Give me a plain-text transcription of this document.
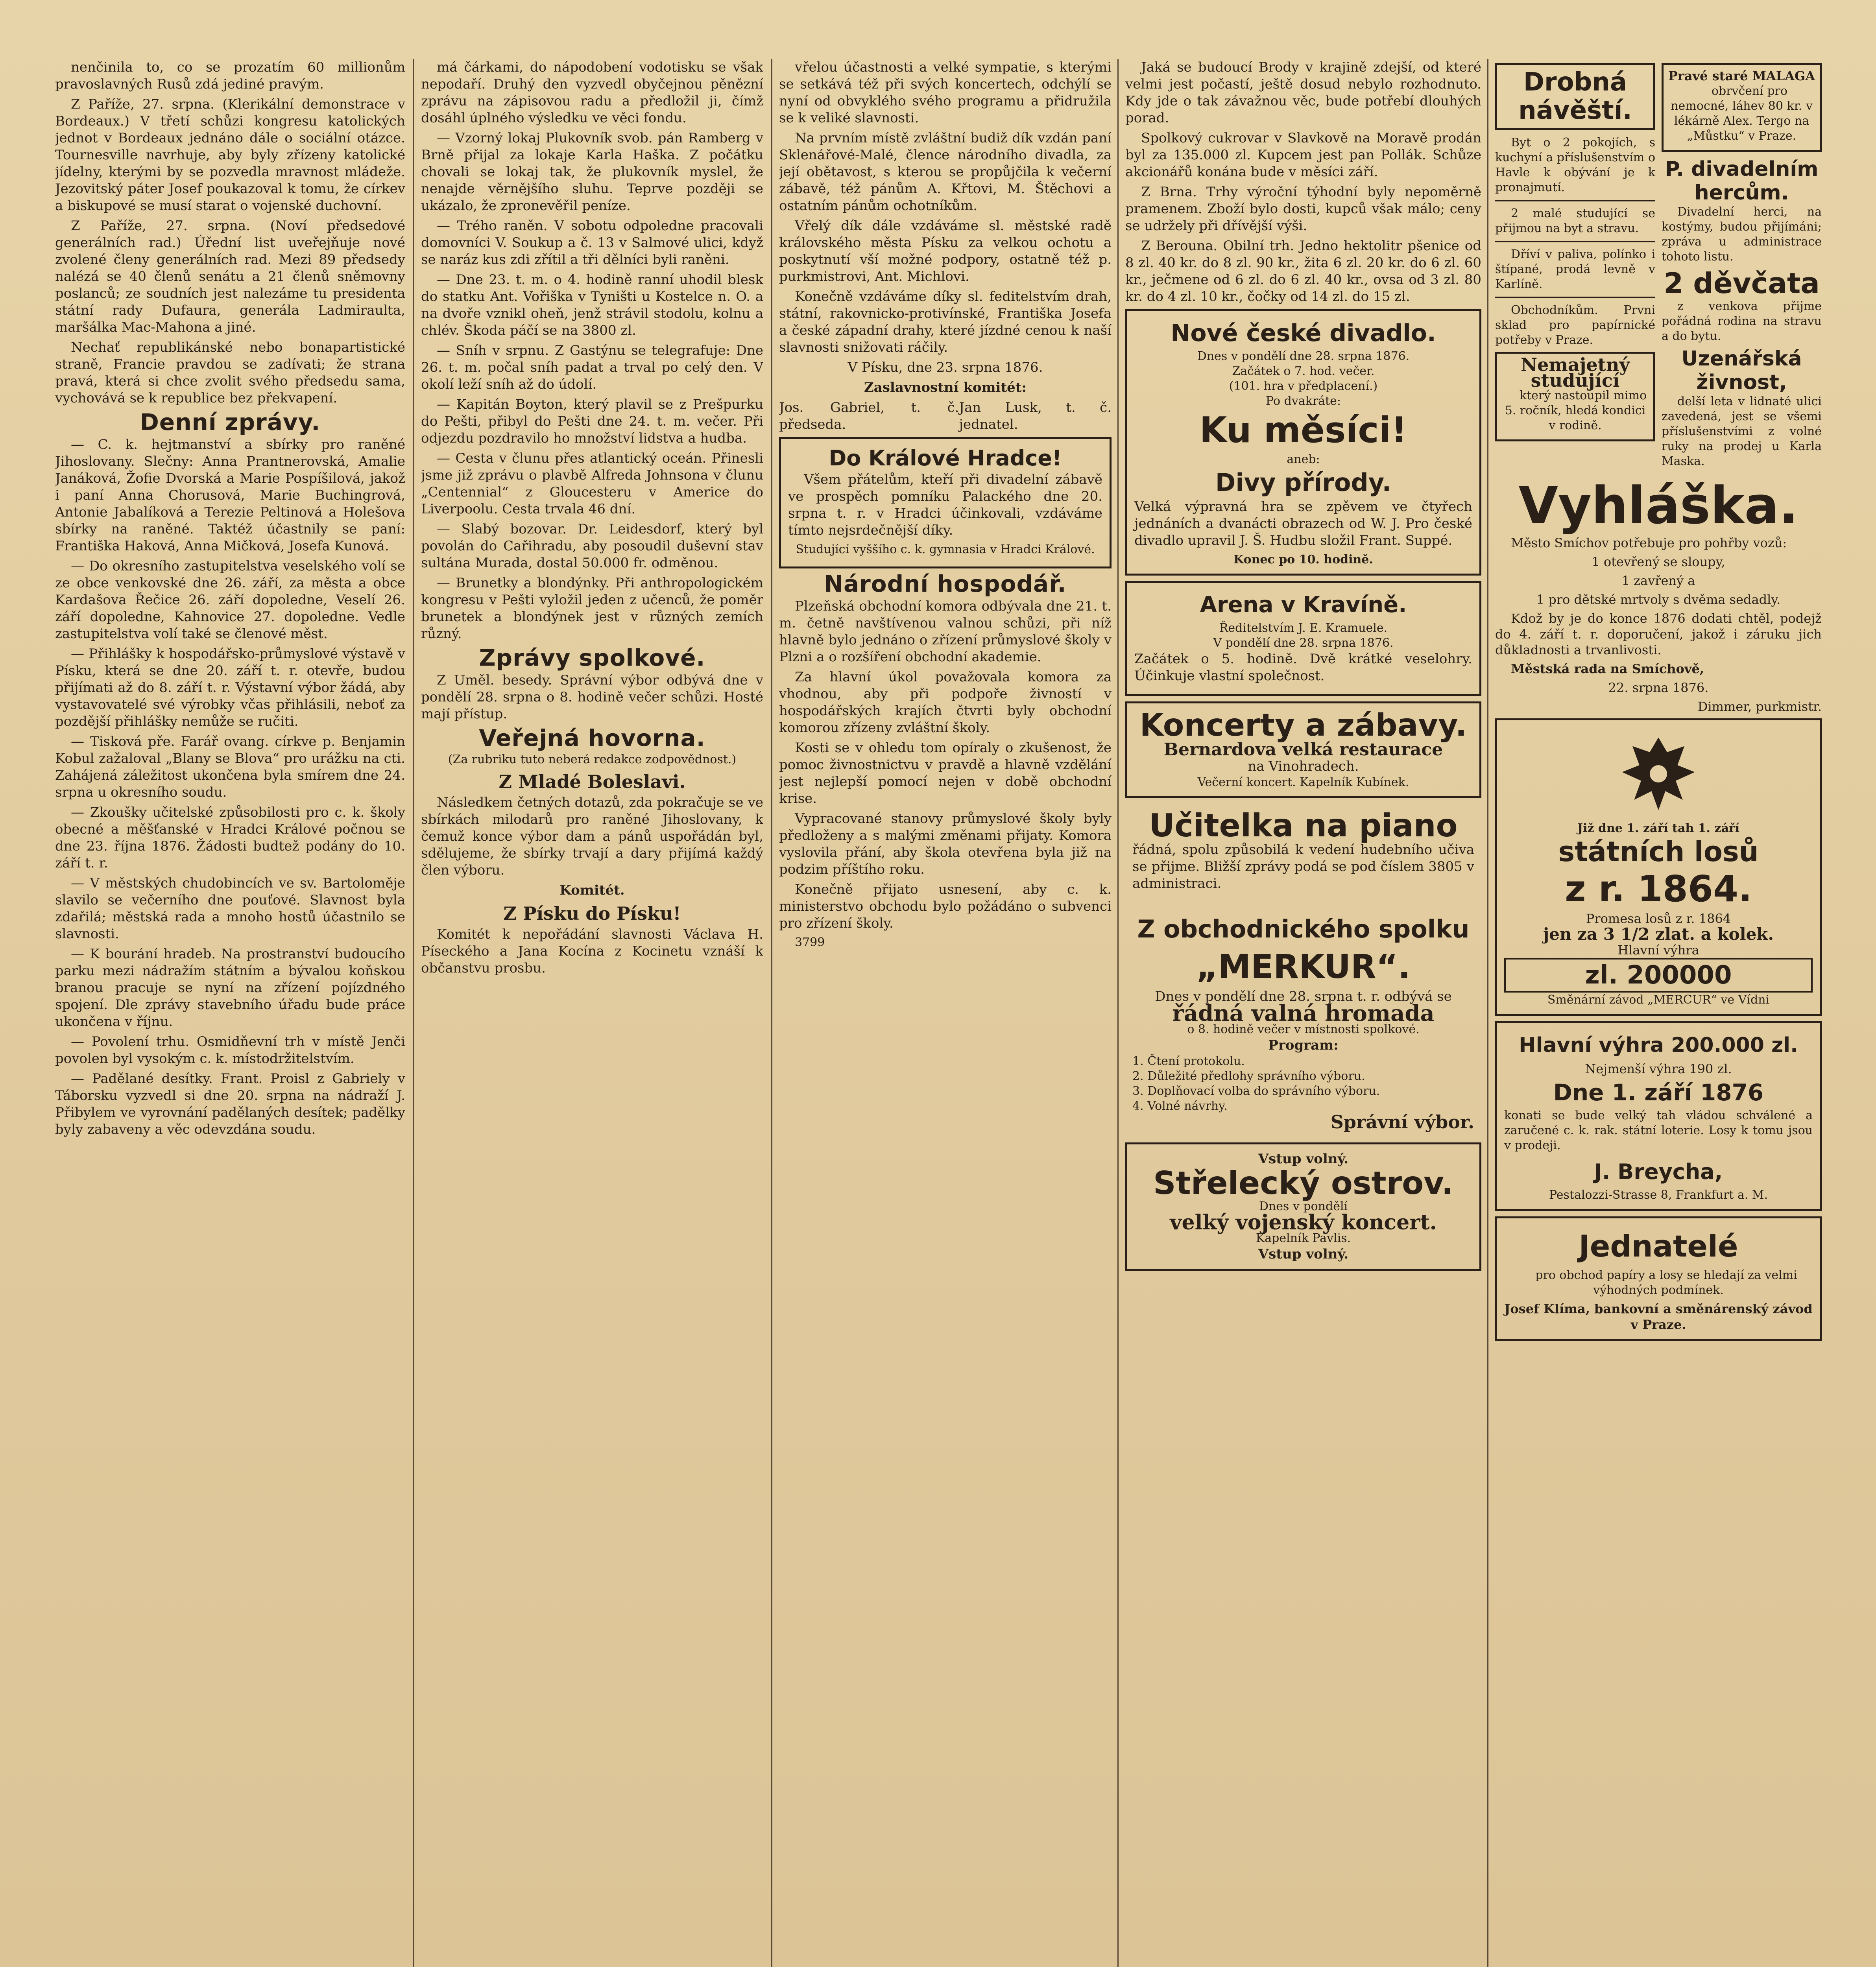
nenčinila to, co se prozatím 60 millionům pravoslavných Rusů zdá jediné pravým.

Z Paříže, 27. srpna. (Klerikální demonstrace v Bordeaux.) V třetí schůzi kongresu katolických jednot v Bordeaux jednáno dále o sociální otázce. Tournesville navrhuje, aby byly zřízeny katolické jídelny, kterými by se pozvedla mravnost mládeže. Jezovitský páter Josef poukazoval k tomu, že církev a biskupové se musí starat o vojenské duchovní.

Z Paříže, 27. srpna. (Noví předsedové generálních rad.) Úřední list uveřejňuje nové zvolené členy generálních rad. Mezi 89 předsedy nalézá se 40 členů senátu a 21 členů sněmovny poslanců; ze soudních jest nalezáme tu presidenta státní rady Dufaura, generála Ladmiraulta, maršálka Mac-Mahona a jiné.

Nechať republikánské nebo bonapartistické straně, Francie pravdou se zadívati; že strana pravá, která si chce zvolit svého předsedu sama, vychovává se k republice bez překvapení.

Denní zprávy.

— C. k. hejtmanství a sbírky pro raněné Jihoslovany. Slečny: Anna Prantnerovská, Amalie Janáková, Žofie Dvorská a Marie Pospíšilová, jakož i paní Anna Chorusová, Marie Buchingrová, Antonie Jabalíková a Terezie Peltinová a Holešova sbírky na raněné. Taktéž účastnily se paní: Františka Haková, Anna Mičková, Josefa Kunová.

— Do okresního zastupitelstva veselského volí se ze obce venkovské dne 26. září, za města a obce Kardašova Řečice 26. září dopoledne, Veselí 26. září dopoledne, Kahnovice 27. dopoledne. Vedle zastupitelstva volí také se členové měst.

— Přihlášky k hospodářsko-průmyslové výstavě v Písku, která se dne 20. září t. r. otevře, budou přijímati až do 8. září t. r. Výstavní výbor žádá, aby vystavovatelé své výrobky včas přihlásili, neboť za pozdější přihlášky nemůže se ručiti.

— Tisková pře. Farář ovang. církve p. Benjamin Kobul zažaloval „Blany se Blova“ pro urážku na cti. Zahájená záležitost ukončena byla smírem dne 24. srpna u okresního soudu.

— Zkoušky učitelské způsobilosti pro c. k. školy obecné a měšťanské v Hradci Králové počnou se dne 23. října 1876. Žádosti budtež podány do 10. září t. r.

— V městských chudobincích ve sv. Bartoloměje slavilo se večerního dne pouťové. Slavnost byla zdařilá; městská rada a mnoho hostů účastnilo se slavnosti.

— K bourání hradeb. Na prostranství budoucího parku mezi nádražím státním a bývalou koňskou branou pracuje se nyní na zřízení pojízdného spojení. Dle zprávy stavebního úřadu bude práce ukončena v říjnu.

— Povolení trhu. Osmidňevní trh v místě Jenči povolen byl vysokým c. k. místodržitelstvím.

— Padělané desítky. Frant. Proisl z Gabriely v Táborsku vyzvedl si dne 20. srpna na nádraží J. Přibylem ve vyrovnání padělaných desítek; padělky byly zabaveny a věc odevzdána soudu.

má čárkami, do nápodobení vodotisku se však nepodaří. Druhý den vyzvedl obyčejnou pěnězní zprávu na zápisovou radu a předložil ji, čímž dosáhl úplného výsledku ve věci fondu.

— Vzorný lokaj Plukovník svob. pán Ramberg v Brně přijal za lokaje Karla Haška. Z počátku chovali se lokaj tak, že plukovník myslel, že nenajde věrnějšího sluhu. Teprve později se ukázalo, že zpronevěřil peníze.

— Trého raněn. V sobotu odpoledne pracovali domovníci V. Soukup a č. 13 v Salmové ulici, když se naráz kus zdi zřítil a tři dělníci byli raněni.

— Dne 23. t. m. o 4. hodině ranní uhodil blesk do statku Ant. Vořiška v Tyništi u Kostelce n. O. a na dvoře vznikl oheň, jenž strávil stodolu, kolnu a chlév. Škoda páčí se na 3800 zl.

— Sníh v srpnu. Z Gastýnu se telegrafuje: Dne 26. t. m. počal sníh padat a trval po celý den. V okolí leží sníh až do údolí.

— Kapitán Boyton, který plavil se z Prešpurku do Pešti, přibyl do Pešti dne 24. t. m. večer. Při odjezdu pozdravilo ho množství lidstva a hudba.

— Cesta v člunu přes atlantický oceán. Přinesli jsme již zprávu o plavbě Alfreda Johnsona v člunu „Centennial“ z Gloucesteru v Americe do Liverpoolu. Cesta trvala 46 dní.

— Slabý bozovar. Dr. Leidesdorf, který byl povolán do Cařihradu, aby posoudil duševní stav sultána Murada, dostal 50.000 fr. odměnou.

— Brunetky a blondýnky. Při anthropologickém kongresu v Pešti vyložil jeden z učenců, že poměr brunetek a blondýnek jest v různých zemích různý.

Zprávy spolkové.

Z Uměl. besedy. Správní výbor odbývá dne v pondělí 28. srpna o 8. hodině večer schůzi. Hosté mají přístup.

Veřejná hovorna.

(Za rubriku tuto neberá redakce zodpovědnost.)

Z Mladé Boleslavi.

Následkem četných dotazů, zda pokračuje se ve sbírkách milodarů pro raněné Jihoslovany, k čemuž konce výbor dam a pánů uspořádán byl, sdělujeme, že sbírky trvají a dary přijímá každý člen výboru.

Komitét.

Z Písku do Písku!

Komitét k nepořádání slavnosti Václava H. Píseckého a Jana Kocína z Kocinetu vznáší k občanstvu prosbu.

vřelou účastnosti a velké sympatie, s kterými se setkává též při svých koncertech, odchýlí se nyní od obvyklého svého programu a přidružila se k veliké slavnosti.

Na prvním místě zvláštní budiž dík vzdán paní Sklenářové-Malé, člence národního divadla, za její obětavost, s kterou se propůjčila k večerní zábavě, též pánům A. Křtovi, M. Štěchovi a ostatním pánům ochotníkům.

Vřelý dík dále vzdáváme sl. městské radě královského města Písku za velkou ochotu a poskytnutí vší možné podpory, ostatně též p. purkmistrovi, Ant. Michlovi.

Konečně vzdáváme díky sl. feditelstvím drah, státní, rakovnicko-protivínské, Františka Josefa a české západní drahy, které jízdné cenou k naší slavnosti snižovati ráčily.

V Písku, dne 23. srpna 1876.

Zaslavnostní komitét:

Jos. Gabriel, t. č. předseda.
Jan Lusk, t. č. jednatel.
Do Králové Hradce!

Všem přátelům, kteří při divadelní zábavě ve prospěch pomníku Palackého dne 20. srpna t. r. v Hradci účinkovali, vzdáváme tímto nejsrdečnější díky.

Studující vyššího c. k. gymnasia v Hradci Králové.

Národní hospodář.

Plzeňská obchodní komora odbývala dne 21. t. m. četně navštívenou valnou schůzi, při níž hlavně bylo jednáno o zřízení průmyslové školy v Plzni a o rozšíření obchodní akademie.

Za hlavní úkol považovala komora za vhodnou, aby při podpoře živností v hospodářských krajích čtvrti byly obchodní komorou zřízeny zvláštní školy.

Kosti se v ohledu tom opíraly o zkušenost, že pomoc živnostnictvu v pravdě a hlavně vzdělání jest nejlepší pomocí nejen v době obchodní krise.

Vypracované stanovy průmyslové školy byly předloženy a s malými změnami přijaty. Komora vyslovila přání, aby škola otevřena byla již na podzim příštího roku.

Konečně přijato usnesení, aby c. k. ministerstvo obchodu bylo požádáno o subvenci pro zřízení školy.

3799

Jaká se budoucí Brody v krajině zdejší, od které velmi jest počastí, ještě dosud nebylo rozhodnuto. Kdy jde o tak závažnou věc, bude potřebí dlouhých porad.

Spolkový cukrovar v Slavkově na Moravě prodán byl za 135.000 zl. Kupcem jest pan Pollák. Schůze akcionářů konána bude v měsíci září.

Z Brna. Trhy výroční týhodní byly nepoměrně pramenem. Zboží bylo dosti, kupců však málo; ceny se udržely při dřívější výši.

Z Berouna. Obilní trh. Jedno hektolitr pšenice od 8 zl. 40 kr. do 8 zl. 90 kr., žita 6 zl. 20 kr. do 6 zl. 60 kr., ječmene od 6 zl. do 6 zl. 40 kr., ovsa od 3 zl. 80 kr. do 4 zl. 10 kr., čočky od 14 zl. do 15 zl.

Nové české divadlo.
Dnes v pondělí dne 28. srpna 1876.
Začátek o 7. hod. večer.
(101. hra v předplacení.)
Po dvakráte:
Ku měsíci!
aneb:
Divy přírody.

Velká výpravná hra se zpěvem ve čtyřech jednáních a dvanácti obrazech od W. J. Pro české divadlo upravil J. Š. Hudbu složil Frant. Suppé.

Konec po 10. hodině.
Arena v Kravíně.
Ředitelstvím J. E. Kramuele.
V pondělí dne 28. srpna 1876.

Začátek o 5. hodině. Dvě krátké veselohry. Účinkuje vlastní společnost.

Koncerty a zábavy.
Bernardova velká restaurace
na Vinohradech.
Večerní koncert. Kapelník Kubínek.
Učitelka na piano

řádná, spolu způsobilá k vedení hudebního učiva se přijme. Bližší zprávy podá se pod číslem 3805 v administraci.

Z obchodnického spolku
„MERKUR“.
Dnes v pondělí dne 28. srpna t. r. odbývá se
řádná valná hromada
o 8. hodině večer v místnosti spolkové.
Program:
1. Čtení protokolu.
2. Důležité předlohy správního výboru.
3. Doplňovací volba do správního výboru.
4. Volné návrhy.
Správní výbor.
Vstup volný.
Střelecký ostrov.
Dnes v pondělí
velký vojenský koncert.
Kapelník Pavlis.
Vstup volný.
Drobná návěští.

Byt o 2 pokojích, s kuchyní a příslušenstvím o Havle k obývání je k pronajmutí.

2 malé studující se přijmou na byt a stravu.

Dříví v paliva, polínko i štípané, prodá levně v Karlíně.

Obchodníkům. Prvni sklad pro papírnické potřeby v Praze.

Nemajetný studující

který nastoupil mimo 5. ročník, hledá kondici v rodině.

Pravé staré MALAGA

obrvčení pro nemocné, láhev 80 kr. v lékárně Alex. Tergo na „Můstku“ v Praze.

P. divadelním hercům.

Divadelní herci, na kostýmy, budou přijímáni; zpráva u administrace tohoto listu.

2 děvčata

z venkova přijme pořádná rodina na stravu a do bytu.

Uzenářská živnost,

delší leta v lidnaté ulici zavedená, jest se všemi příslušenstvími z volné ruky na prodej u Karla Maska.

Vyhláška.

Město Smíchov potřebuje pro pohřby vozů:

1 otevřený se sloupy,

1 zavřený a

1 pro dětské mrtvoly s dvěma sedadly.

Kdož by je do konce 1876 dodati chtěl, podejž do 4. září t. r. doporučení, jakož i záruku jich důkladnosti a trvanlivosti.

Městská rada na Smíchově,

22. srpna 1876.

Dimmer, purkmistr.

Již dne 1. září tah 1. září
státních losů
z r. 1864.
Promesa losů z r. 1864
jen za 3 1/2 zlat. a kolek.
Hlavní výhra
zl. 200000
Směnární závod „MERCUR“ ve Vídni
Hlavní výhra 200.000 zl.
Nejmenší výhra 190 zl.
Dne 1. září 1876

konati se bude velký tah vládou schválené a zaručené c. k. rak. státní loterie. Losy k tomu jsou v prodeji.

J. Breycha,
Pestalozzi-Strasse 8, Frankfurt a. M.
Jednatelé

pro obchod papíry a losy se hledají za velmi výhodných podmínek.

Josef Klíma, bankovní a směnárenský závod v Praze.
